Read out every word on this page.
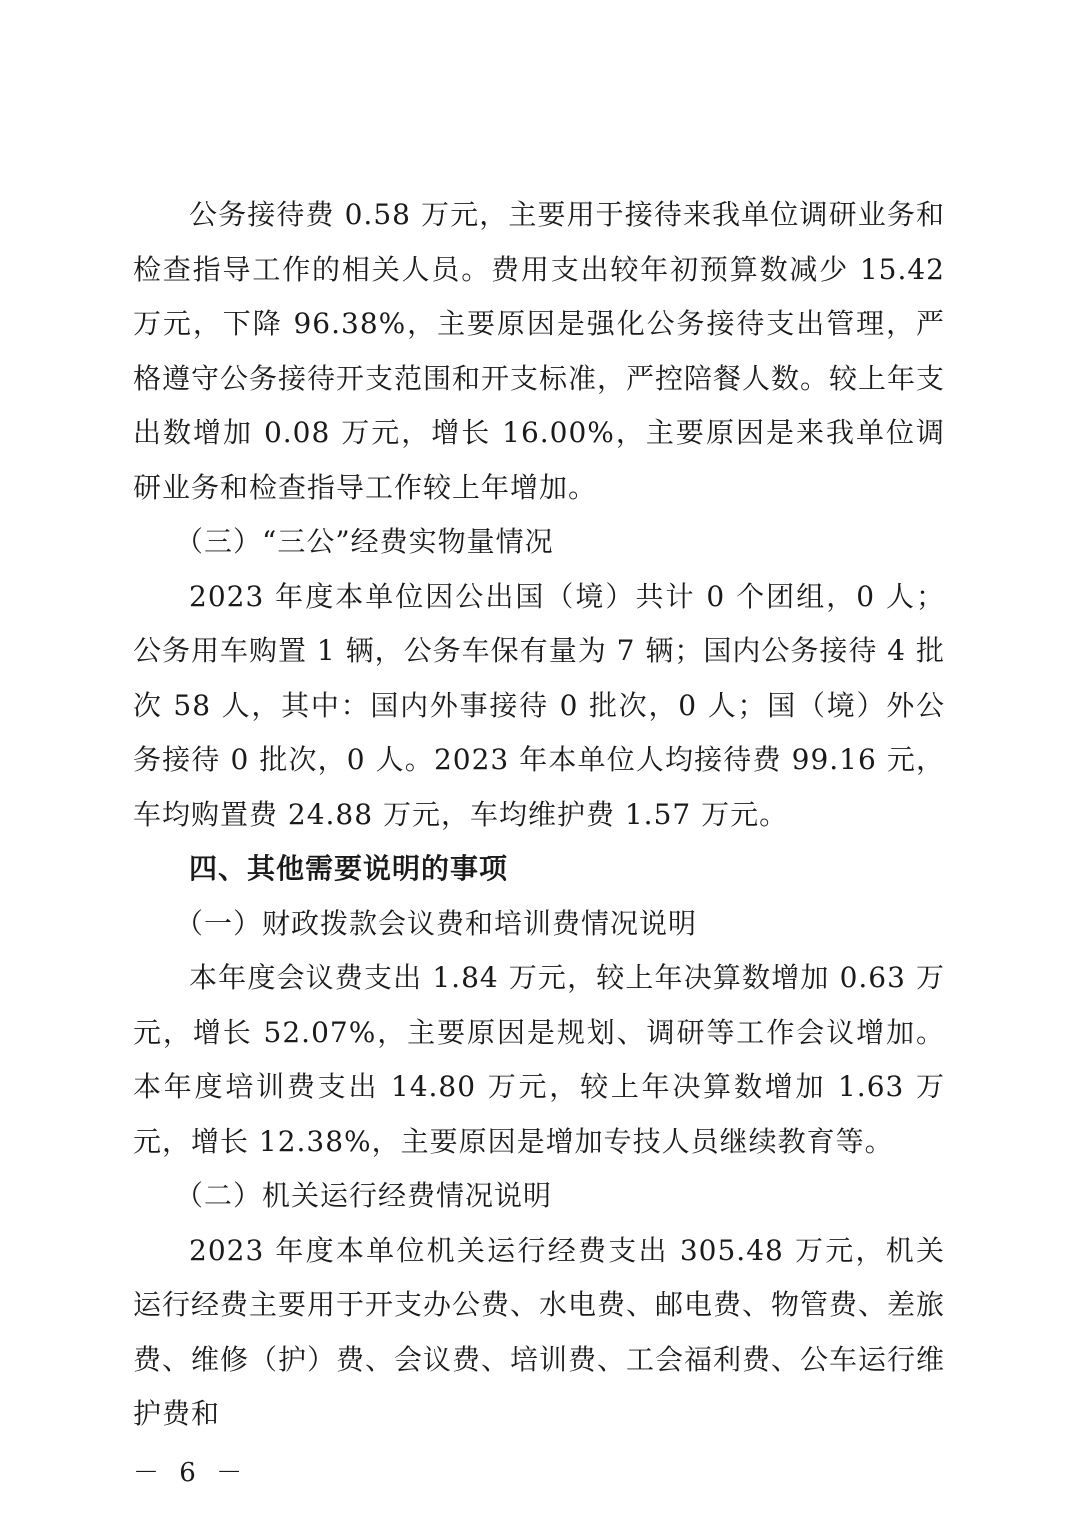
公务接待费 0.58 万元，主要用于接待来我单位调研业务和检查指导工作的相关人员。费用支出较年初预算数减少 15.42 万元，下降 96.38%，主要原因是强化公务接待支出管理，严格遵守公务接待开支范围和开支标准，严控陪餐人数。较上年支出数增加 0.08 万元，增长 16.00%，主要原因是来我单位调研业务和检查指导工作较上年增加。

（三）“三公”经费实物量情况

2023 年度本单位因公出国（境）共计 0 个团组，0 人；公务用车购置 1 辆，公务车保有量为 7 辆；国内公务接待 4 批次 58 人，其中：国内外事接待 0 批次，0 人；国（境）外公务接待 0 批次，0 人。2023 年本单位人均接待费 99.16 元，车均购置费 24.88 万元，车均维护费 1.57 万元。

四、其他需要说明的事项

（一）财政拨款会议费和培训费情况说明

本年度会议费支出 1.84 万元，较上年决算数增加 0.63 万元，增长 52.07%，主要原因是规划、调研等工作会议增加。本年度培训费支出 14.80 万元，较上年决算数增加 1.63 万元，增长 12.38%，主要原因是增加专技人员继续教育等。

（二）机关运行经费情况说明

2023 年度本单位机关运行经费支出 305.48 万元，机关运行经费主要用于开支办公费、水电费、邮电费、物管费、差旅费、维修（护）费、会议费、培训费、工会福利费、公车运行维护费和

－ 6 －
